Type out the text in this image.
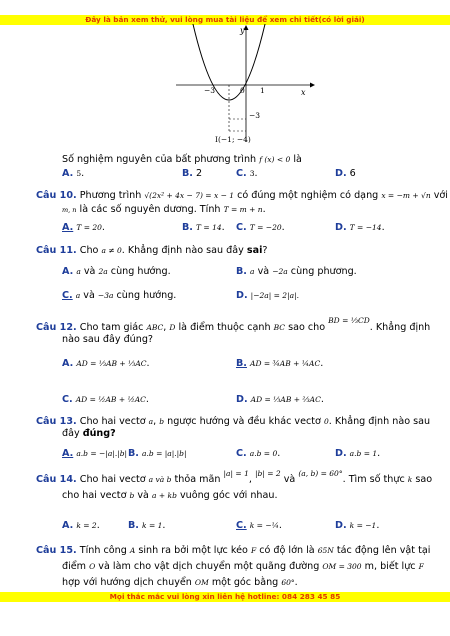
Đây là bản xem thử, vui lòng mua tài liệu để xem chi tiết(có lời giải)
y
x
−3	0 1
−3
I(−1; −4)
Số nghiệm nguyên của bất phương trình f (x) < 0 là
A. 5.	B. 2	C. 3.	D. 6
Câu 10. Phương trình √(2x² + 4x − 7) = x − 1 có đúng một nghiệm có dạng x = −m + √n với
m, n là các số nguyên dương. Tính T = m + n.
A. T = 20.	B. T = 14. C. T = −20.	D. T = −14.
Câu 11. Cho a ≠ 0. Khẳng định nào sau đây sai?
A. a và 2a cùng hướng.	B. a và −2a cùng phương.
C. a và −3a cùng hướng.	D. |−2a| = 2|a|.
Câu 12. Cho tam giác ABC, D là điểm thuộc cạnh BC sao cho $^{BD = \frac{1}{3}CD}$. Khẳng định
nào sau đây đúng?
A. AD = ⅓AB + ⅓AC.	B. AD = ¾AB + ¼AC.
C. AD = ½AB + ½AC.	D. AD = ⅓AB + ⅔AC.
Câu 13. Cho hai vectơ a, b ngược hướng và đều khác vectơ 0. Khẳng định nào sau
đây đúng?
A. a.b = −|a|.|b| B. a.b = |a|.|b|	C. a.b = 0.	D. a.b = 1.
Câu 14. Cho hai vectơ a và b thỏa mãn $^{|a| = 1}$, $^{|b| = 2}$ và $^{(a, b) = 60^\circ}$. Tìm số thực k sao
cho hai vectơ b và a + kb vuông góc với nhau.
A. k = 2.	B. k = 1.	C. k = −¼.	D. k = −1.
Câu 15. Tính công A sinh ra bởi một lực kéo F có độ lớn là 65N tác động lên vật tại
điểm O và làm cho vật dịch chuyển một quãng đường OM = 300 m, biết lực F
hợp với hướng dịch chuyển OM một góc bằng 60°.
Mọi thắc mắc vui lòng xin liên hệ hotline: 084 283 45 85
